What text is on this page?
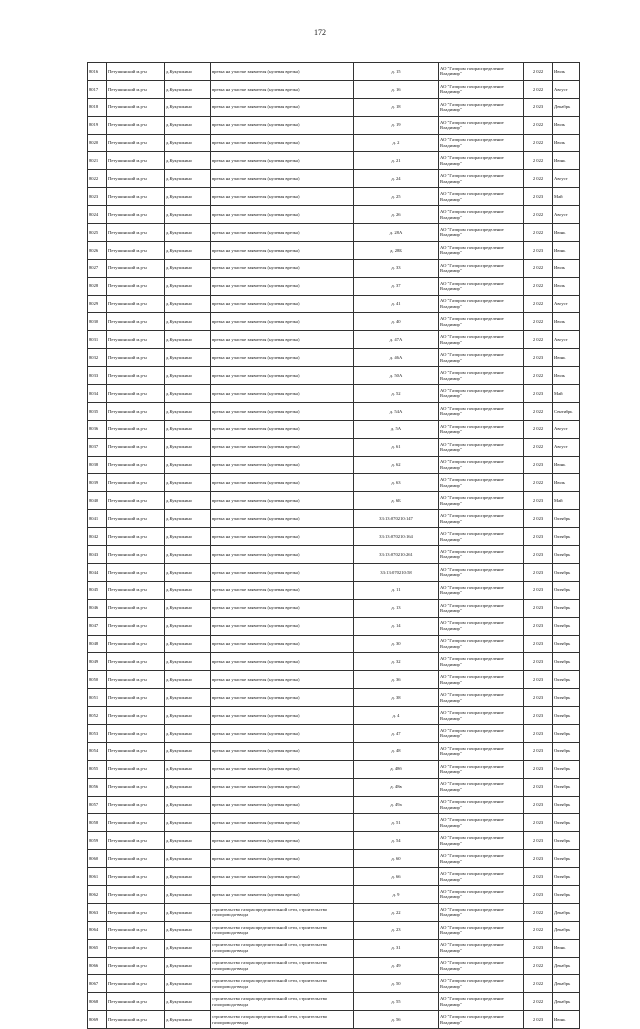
172
8016	Петушинский м.р-н	д.Кукушкино	врезка на участке заявителя (нулевая врезка)	д. 15	АО "Газпром газораспределение Владимир"	2 022	Июль
8017	Петушинский м.р-н	д.Кукушкино	врезка на участке заявителя (нулевая врезка)	д. 16	АО "Газпром газораспределение Владимир"	2 022	Август
8018	Петушинский м.р-н	д.Кукушкино	врезка на участке заявителя (нулевая врезка)	д. 18	АО "Газпром газораспределение Владимир"	2 023	Декабрь
8019	Петушинский м.р-н	д.Кукушкино	врезка на участке заявителя (нулевая врезка)	д. 19	АО "Газпром газораспределение Владимир"	2 022	Июль
8020	Петушинский м.р-н	д.Кукушкино	врезка на участке заявителя (нулевая врезка)	д. 2	АО "Газпром газораспределение Владимир"	2 022	Июль
8021	Петушинский м.р-н	д.Кукушкино	врезка на участке заявителя (нулевая врезка)	д. 21	АО "Газпром газораспределение Владимир"	2 022	Июнь
8022	Петушинский м.р-н	д.Кукушкино	врезка на участке заявителя (нулевая врезка)	д. 24	АО "Газпром газораспределение Владимир"	2 022	Август
8023	Петушинский м.р-н	д.Кукушкино	врезка на участке заявителя (нулевая врезка)	д. 25	АО "Газпром газораспределение Владимир"	2 023	Май
8024	Петушинский м.р-н	д.Кукушкино	врезка на участке заявителя (нулевая врезка)	д. 26	АО "Газпром газораспределение Владимир"	2 022	Август
8025	Петушинский м.р-н	д.Кукушкино	врезка на участке заявителя (нулевая врезка)	д. 28А	АО "Газпром газораспределение Владимир"	2 022	Июнь
8026	Петушинский м.р-н	д.Кукушкино	врезка на участке заявителя (нулевая врезка)	д. 28Б	АО "Газпром газораспределение Владимир"	2 023	Июнь
8027	Петушинский м.р-н	д.Кукушкино	врезка на участке заявителя (нулевая врезка)	д. 33	АО "Газпром газораспределение Владимир"	2 022	Июль
8028	Петушинский м.р-н	д.Кукушкино	врезка на участке заявителя (нулевая врезка)	д. 37	АО "Газпром газораспределение Владимир"	2 022	Июль
8029	Петушинский м.р-н	д.Кукушкино	врезка на участке заявителя (нулевая врезка)	д. 41	АО "Газпром газораспределение Владимир"	2 022	Август
8030	Петушинский м.р-н	д.Кукушкино	врезка на участке заявителя (нулевая врезка)	д. 40	АО "Газпром газораспределение Владимир"	2 022	Июль
8031	Петушинский м.р-н	д.Кукушкино	врезка на участке заявителя (нулевая врезка)	д. 47А	АО "Газпром газораспределение Владимир"	2 022	Август
8032	Петушинский м.р-н	д.Кукушкино	врезка на участке заявителя (нулевая врезка)	д. 46А	АО "Газпром газораспределение Владимир"	2 023	Июнь
8033	Петушинский м.р-н	д.Кукушкино	врезка на участке заявителя (нулевая врезка)	д. 50А	АО "Газпром газораспределение Владимир"	2 022	Июль
8034	Петушинский м.р-н	д.Кукушкино	врезка на участке заявителя (нулевая врезка)	д. 52	АО "Газпром газораспределение Владимир"	2 023	Май
8035	Петушинский м.р-н	д.Кукушкино	врезка на участке заявителя (нулевая врезка)	д. 54А	АО "Газпром газораспределение Владимир"	2 022	Сентябрь
8036	Петушинский м.р-н	д.Кукушкино	врезка на участке заявителя (нулевая врезка)	д. 5А	АО "Газпром газораспределение Владимир"	2 022	Август
8037	Петушинский м.р-н	д.Кукушкино	врезка на участке заявителя (нулевая врезка)	д. 61	АО "Газпром газораспределение Владимир"	2 022	Август
8038	Петушинский м.р-н	д.Кукушкино	врезка на участке заявителя (нулевая врезка)	д. 62	АО "Газпром газораспределение Владимир"	2 023	Июнь
8039	Петушинский м.р-н	д.Кукушкино	врезка на участке заявителя (нулевая врезка)	д. 63	АО "Газпром газораспределение Владимир"	2 022	Июль
8040	Петушинский м.р-н	д.Кукушкино	врезка на участке заявителя (нулевая врезка)	д. 6Б	АО "Газпром газораспределение Владимир"	2 023	Май
8041	Петушинский м.р-н	д.Кукушкино	врезка на участке заявителя (нулевая врезка)	33:13:070210:147	АО "Газпром газораспределение Владимир"	2 023	Октябрь
8042	Петушинский м.р-н	д.Кукушкино	врезка на участке заявителя (нулевая врезка)	33:13:070210:164	АО "Газпром газораспределение Владимир"	2 023	Октябрь
8043	Петушинский м.р-н	д.Кукушкино	врезка на участке заявителя (нулевая врезка)	33:13:070210:261	АО "Газпром газораспределение Владимир"	2 023	Октябрь
8044	Петушинский м.р-н	д.Кукушкино	врезка на участке заявителя (нулевая врезка)	33:13:070210:58	АО "Газпром газораспределение Владимир"	2 023	Октябрь
8045	Петушинский м.р-н	д.Кукушкино	врезка на участке заявителя (нулевая врезка)	д. 11	АО "Газпром газораспределение Владимир"	2 023	Октябрь
8046	Петушинский м.р-н	д.Кукушкино	врезка на участке заявителя (нулевая врезка)	д. 13	АО "Газпром газораспределение Владимир"	2 023	Октябрь
8047	Петушинский м.р-н	д.Кукушкино	врезка на участке заявителя (нулевая врезка)	д. 14	АО "Газпром газораспределение Владимир"	2 023	Октябрь
8048	Петушинский м.р-н	д.Кукушкино	врезка на участке заявителя (нулевая врезка)	д. 30	АО "Газпром газораспределение Владимир"	2 023	Октябрь
8049	Петушинский м.р-н	д.Кукушкино	врезка на участке заявителя (нулевая врезка)	д. 32	АО "Газпром газораспределение Владимир"	2 023	Октябрь
8050	Петушинский м.р-н	д.Кукушкино	врезка на участке заявителя (нулевая врезка)	д. 36	АО "Газпром газораспределение Владимир"	2 023	Октябрь
8051	Петушинский м.р-н	д.Кукушкино	врезка на участке заявителя (нулевая врезка)	д. 38	АО "Газпром газораспределение Владимир"	2 023	Октябрь
8052	Петушинский м.р-н	д.Кукушкино	врезка на участке заявителя (нулевая врезка)	д. 4	АО "Газпром газораспределение Владимир"	2 023	Октябрь
8053	Петушинский м.р-н	д.Кукушкино	врезка на участке заявителя (нулевая врезка)	д. 47	АО "Газпром газораспределение Владимир"	2 023	Октябрь
8054	Петушинский м.р-н	д.Кукушкино	врезка на участке заявителя (нулевая врезка)	д. 48	АО "Газпром газораспределение Владимир"	2 023	Октябрь
8055	Петушинский м.р-н	д.Кукушкино	врезка на участке заявителя (нулевая врезка)	д. 48б	АО "Газпром газораспределение Владимир"	2 023	Октябрь
8056	Петушинский м.р-н	д.Кукушкино	врезка на участке заявителя (нулевая врезка)	д. 48в	АО "Газпром газораспределение Владимир"	2 023	Октябрь
8057	Петушинский м.р-н	д.Кукушкино	врезка на участке заявителя (нулевая врезка)	д. 49а	АО "Газпром газораспределение Владимир"	2 023	Октябрь
8058	Петушинский м.р-н	д.Кукушкино	врезка на участке заявителя (нулевая врезка)	д. 51	АО "Газпром газораспределение Владимир"	2 023	Октябрь
8059	Петушинский м.р-н	д.Кукушкино	врезка на участке заявителя (нулевая врезка)	д. 54	АО "Газпром газораспределение Владимир"	2 023	Октябрь
8060	Петушинский м.р-н	д.Кукушкино	врезка на участке заявителя (нулевая врезка)	д. 60	АО "Газпром газораспределение Владимир"	2 023	Октябрь
8061	Петушинский м.р-н	д.Кукушкино	врезка на участке заявителя (нулевая врезка)	д. 66	АО "Газпром газораспределение Владимир"	2 023	Октябрь
8062	Петушинский м.р-н	д.Кукушкино	врезка на участке заявителя (нулевая врезка)	д. 9	АО "Газпром газораспределение Владимир"	2 023	Октябрь
8063	Петушинский м.р-н	д.Кукушкино	строительство газораспределительной сети, строительство газопровода-ввода	д. 22	АО "Газпром газораспределение Владимир"	2 022	Декабрь
8064	Петушинский м.р-н	д.Кукушкино	строительство газораспределительной сети, строительство газопровода-ввода	д. 23	АО "Газпром газораспределение Владимир"	2 022	Декабрь
8065	Петушинский м.р-н	д.Кукушкино	строительство газораспределительной сети, строительство газопровода-ввода	д. 31	АО "Газпром газораспределение Владимир"	2 023	Июнь
8066	Петушинский м.р-н	д.Кукушкино	строительство газораспределительной сети, строительство газопровода-ввода	д. 49	АО "Газпром газораспределение Владимир"	2 022	Декабрь
8067	Петушинский м.р-н	д.Кукушкино	строительство газораспределительной сети, строительство газопровода-ввода	д. 50	АО "Газпром газораспределение Владимир"	2 022	Декабрь
8068	Петушинский м.р-н	д.Кукушкино	строительство газораспределительной сети, строительство газопровода-ввода	д. 55	АО "Газпром газораспределение Владимир"	2 022	Декабрь
8069	Петушинский м.р-н	д.Кукушкино	строительство газораспределительной сети, строительство газопровода-ввода	д. 56	АО "Газпром газораспределение Владимир"	2 023	Июнь
